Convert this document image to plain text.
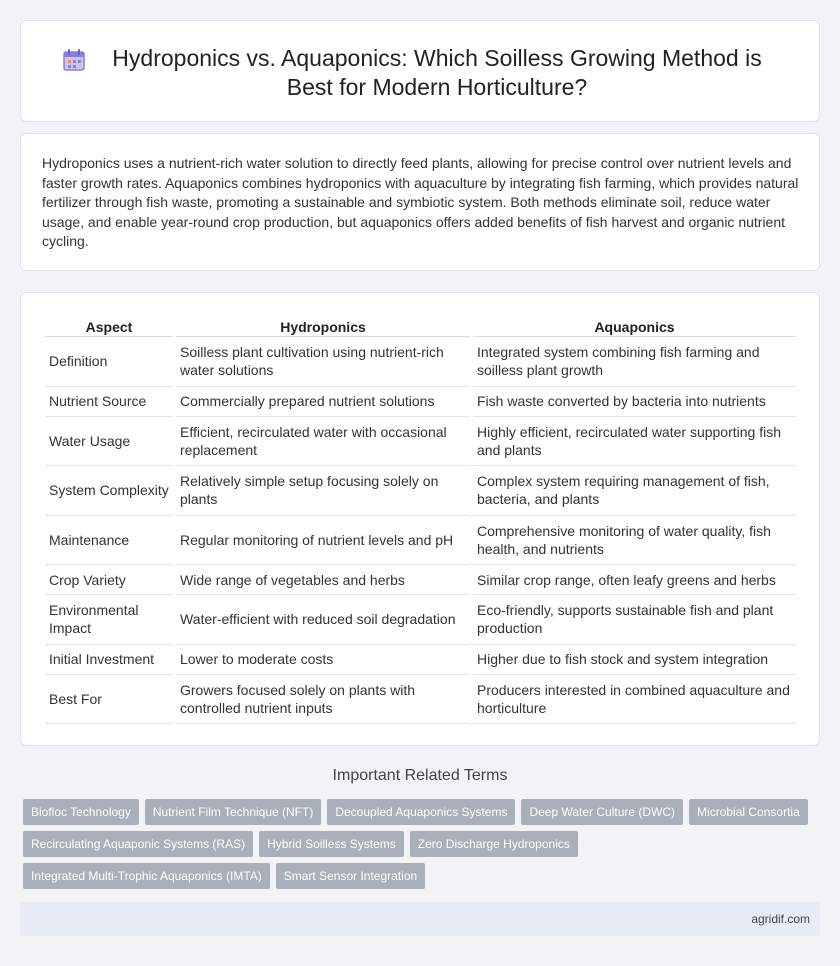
Hydroponics vs. Aquaponics: Which Soilless Growing Method is Best for Modern Horticulture?

Hydroponics uses a nutrient-rich water solution to directly feed plants, allowing for precise control over nutrient levels and faster growth rates. Aquaponics combines hydroponics with aquaculture by integrating fish farming, which provides natural fertilizer through fish waste, promoting a sustainable and symbiotic system. Both methods eliminate soil, reduce water usage, and enable year-round crop production, but aquaponics offers added benefits of fish harvest and organic nutrient cycling.

Aspect	Hydroponics	Aquaponics
Definition	Soilless plant cultivation using nutrient-rich water solutions	Integrated system combining fish farming and soilless plant growth
Nutrient Source	Commercially prepared nutrient solutions	Fish waste converted by bacteria into nutrients
Water Usage	Efficient, recirculated water with occasional replacement	Highly efficient, recirculated water supporting fish and plants
System Complexity	Relatively simple setup focusing solely on plants	Complex system requiring management of fish, bacteria, and plants
Maintenance	Regular monitoring of nutrient levels and pH	Comprehensive monitoring of water quality, fish health, and nutrients
Crop Variety	Wide range of vegetables and herbs	Similar crop range, often leafy greens and herbs
Environmental Impact	Water-efficient with reduced soil degradation	Eco-friendly, supports sustainable fish and plant production
Initial Investment	Lower to moderate costs	Higher due to fish stock and system integration
Best For	Growers focused solely on plants with controlled nutrient inputs	Producers interested in combined aquaculture and horticulture
Important Related Terms
Biofloc Technology	Nutrient Film Technique (NFT)	Decoupled Aquaponics Systems	Deep Water Culture (DWC)	Microbial Consortia
Recirculating Aquaponic Systems (RAS)	Hybrid Soilless Systems	Zero Discharge Hydroponics
Integrated Multi-Trophic Aquaponics (IMTA)	Smart Sensor Integration
agridif.com
